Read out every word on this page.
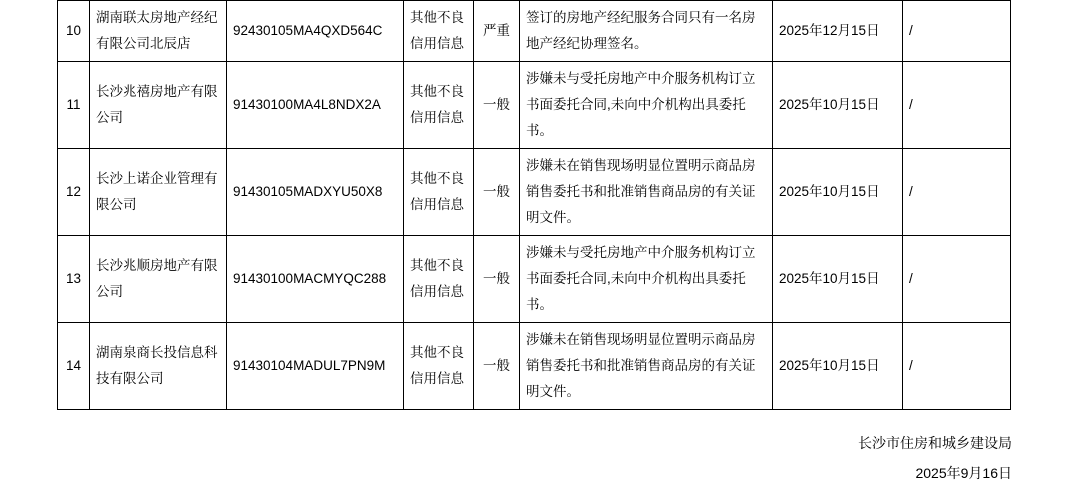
10	湖南联太房地产经纪有限公司北辰店	92430105MA4QXD564C	其他不良信用信息	严重	签订的房地产经纪服务合同只有一名房地产经纪协理签名。	2025年12月15日	/
11	长沙兆禧房地产有限公司	91430100MA4L8NDX2A	其他不良信用信息	一般	涉嫌未与受托房地产中介服务机构订立书面委托合同,未向中介机构出具委托书。	2025年10月15日	/
12	长沙上诺企业管理有限公司	91430105MADXYU50X8	其他不良信用信息	一般	涉嫌未在销售现场明显位置明示商品房销售委托书和批准销售商品房的有关证明文件。	2025年10月15日	/
13	长沙兆顺房地产有限公司	91430100MACMYQC288	其他不良信用信息	一般	涉嫌未与受托房地产中介服务机构订立书面委托合同,未向中介机构出具委托书。	2025年10月15日	/
14	湖南泉商长投信息科技有限公司	91430104MADUL7PN9M	其他不良信用信息	一般	涉嫌未在销售现场明显位置明示商品房销售委托书和批准销售商品房的有关证明文件。	2025年10月15日	/
长沙市住房和城乡建设局
2025年9月16日
